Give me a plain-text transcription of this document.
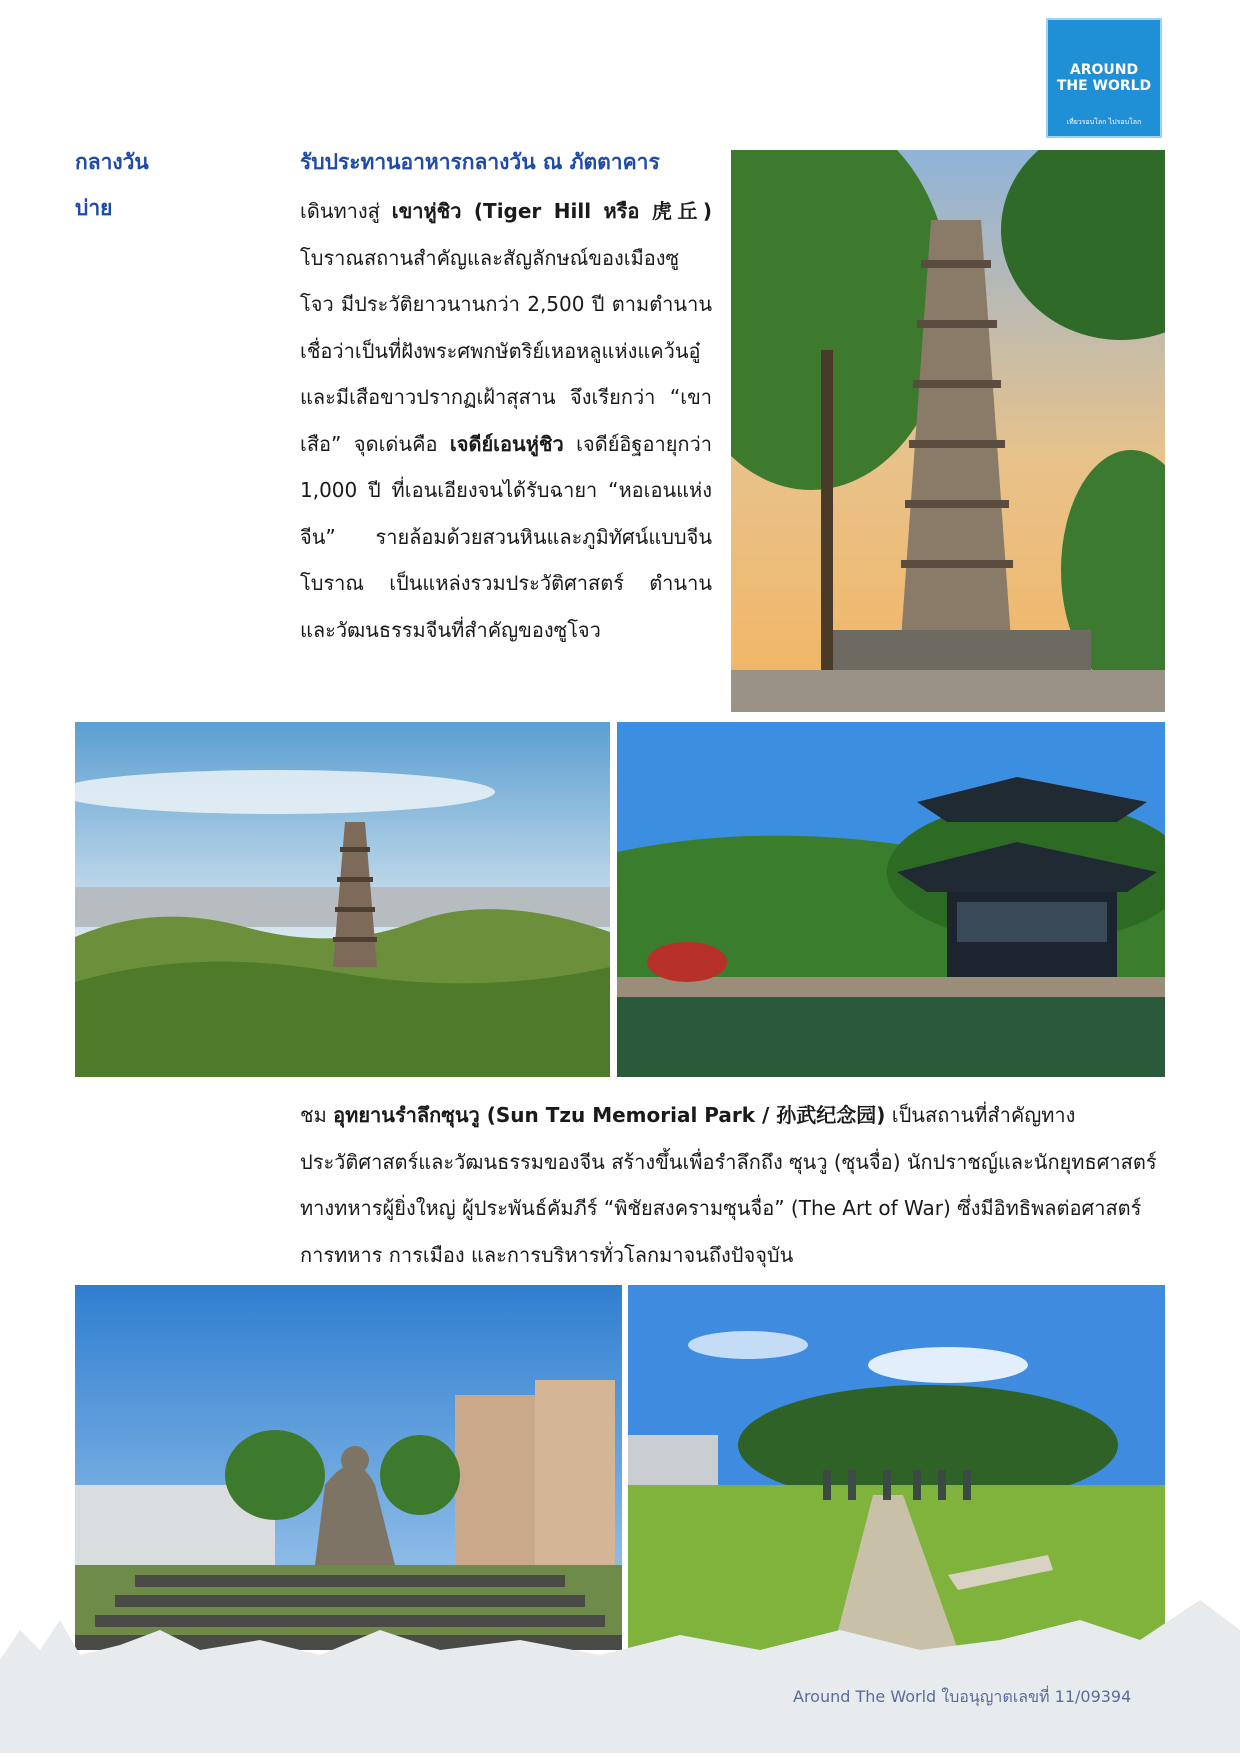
AROUND
THE WORLD
เที่ยวรอบโลก ไปรอบโลก
กลางวัน
บ่าย
รับประทานอาหารกลางวัน ณ ภัตตาคาร
เดินทางสู่ เขาหู่ชิว (Tiger Hill หรือ 虎丘) โบราณสถานสำคัญและสัญลักษณ์ของเมืองซูโจว มีประวัติยาวนานกว่า 2,500 ปี ตามตำนานเชื่อว่าเป็นที่ฝังพระศพกษัตริย์เหอหลูแห่งแคว้นอู๋ และมีเสือขาวปรากฏเฝ้าสุสาน จึงเรียกว่า “เขาเสือ” จุดเด่นคือ เจดีย์เอนหู่ชิว เจดีย์อิฐอายุกว่า 1,000 ปี ที่เอนเอียงจนได้รับฉายา “หอเอนแห่งจีน” รายล้อมด้วยสวนหินและภูมิทัศน์แบบจีนโบราณ เป็นแหล่งรวมประวัติศาสตร์ ตำนาน และวัฒนธรรมจีนที่สำคัญของซูโจว
ชม อุทยานรำลึกซุนวู (Sun Tzu Memorial Park / 孙武纪念园) เป็นสถานที่สำคัญทางประวัติศาสตร์และวัฒนธรรมของจีน สร้างขึ้นเพื่อรำลึกถึง ซุนวู (ซุนจื่อ) นักปราชญ์และนักยุทธศาสตร์ทางทหารผู้ยิ่งใหญ่ ผู้ประพันธ์คัมภีร์ “พิชัยสงครามซุนจื่อ” (The Art of War) ซึ่งมีอิทธิพลต่อศาสตร์การทหาร การเมือง และการบริหารทั่วโลกมาจนถึงปัจจุบัน
Around The World ใบอนุญาตเลขที่ 11/09394
